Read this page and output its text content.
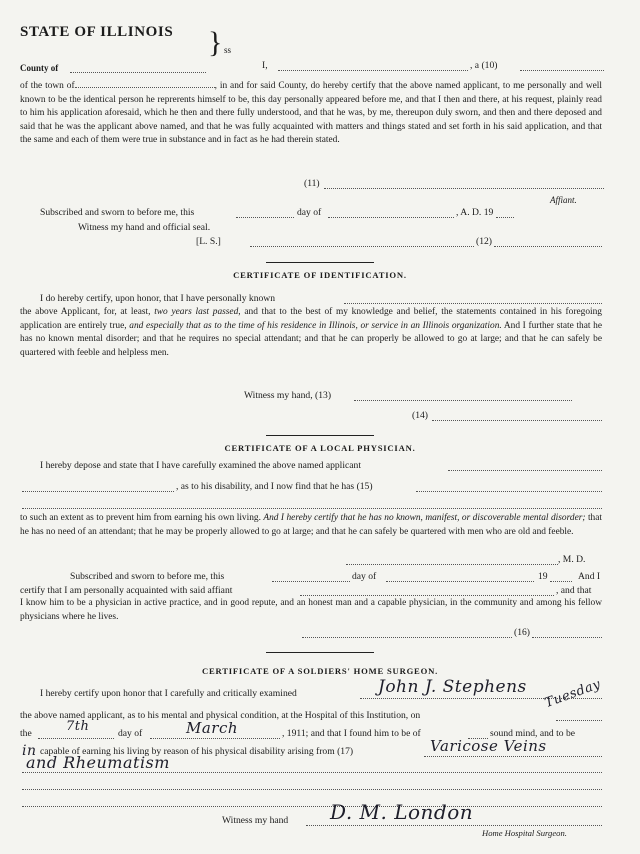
STATE OF ILLINOIS
County of
} ss
I,	, a (10)
of the town of	, in and for said County, do hereby certify that the above named applicant, to me personally and well known to be the identical person he reprerents himself to be, this day personally appeared before me, and that I then and there, at his request, plainly read to him his application aforesaid, which he then and there fully understood, and that he was, by me, thereupon duly sworn, and then and there deposed and said that he was the applicant above named, and that he was fully acquainted with matters and things stated and set forth in his said application, and that the same and each of them were true in substance and in fact as he had therein stated.
(11)
Affiant.
Subscribed and sworn to before me, this	day of	, A. D. 19
Witness my hand and official seal.
[L. S.]	(12)
CERTIFICATE OF IDENTIFICATION.
I do hereby certify, upon honor, that I have personally known
the above Applicant, for, at least, two years last passed, and that to the best of my knowledge and belief, the statements contained in his foregoing application are entirely true, and especially that as to the time of his residence in Illinois, or service in an Illinois organization. And I further state that he has no known mental disorder; and that he requires no special attendant; and that he can properly be allowed to go at large; and that he can safely be quartered with feeble and helpless men.
Witness my hand, (13)
(14)
CERTIFICATE OF A LOCAL PHYSICIAN.
I hereby depose and state that I have carefully examined the above named applicant
, as to his disability, and I now find that he has (15)
to such an extent as to prevent him from earning his own living. And I hereby certify that he has no known, manifest, or discoverable mental disorder; that he has no need of an attendant; that he may be properly allowed to go at large; and that he can safely be quartered with men who are old and feeble.
, M. D.
Subscribed and sworn to before me, this	day of	19	And I
certify that I am personally acquainted with said affiant	, and that
I know him to be a physician in active practice, and in good repute, and an honest man and a capable physician, in the community and among his fellow physicians where he lives.
(16)
CERTIFICATE OF A SOLDIERS' HOME SURGEON.
I hereby certify upon honor that I carefully and critically examined	John J. Stephens
the above named applicant, as to his mental and physical condition, at the Hospital of this Institution, on
Tuesday
the	7th	day of	March	, 1911; and that I found him to be of	sound mind, and to be
in capable of earning his living by reason of his physical disability arising from (17)	Varicose Veins
and Rheumatism
Witness my hand D. M. London
Home Hospital Surgeon.
